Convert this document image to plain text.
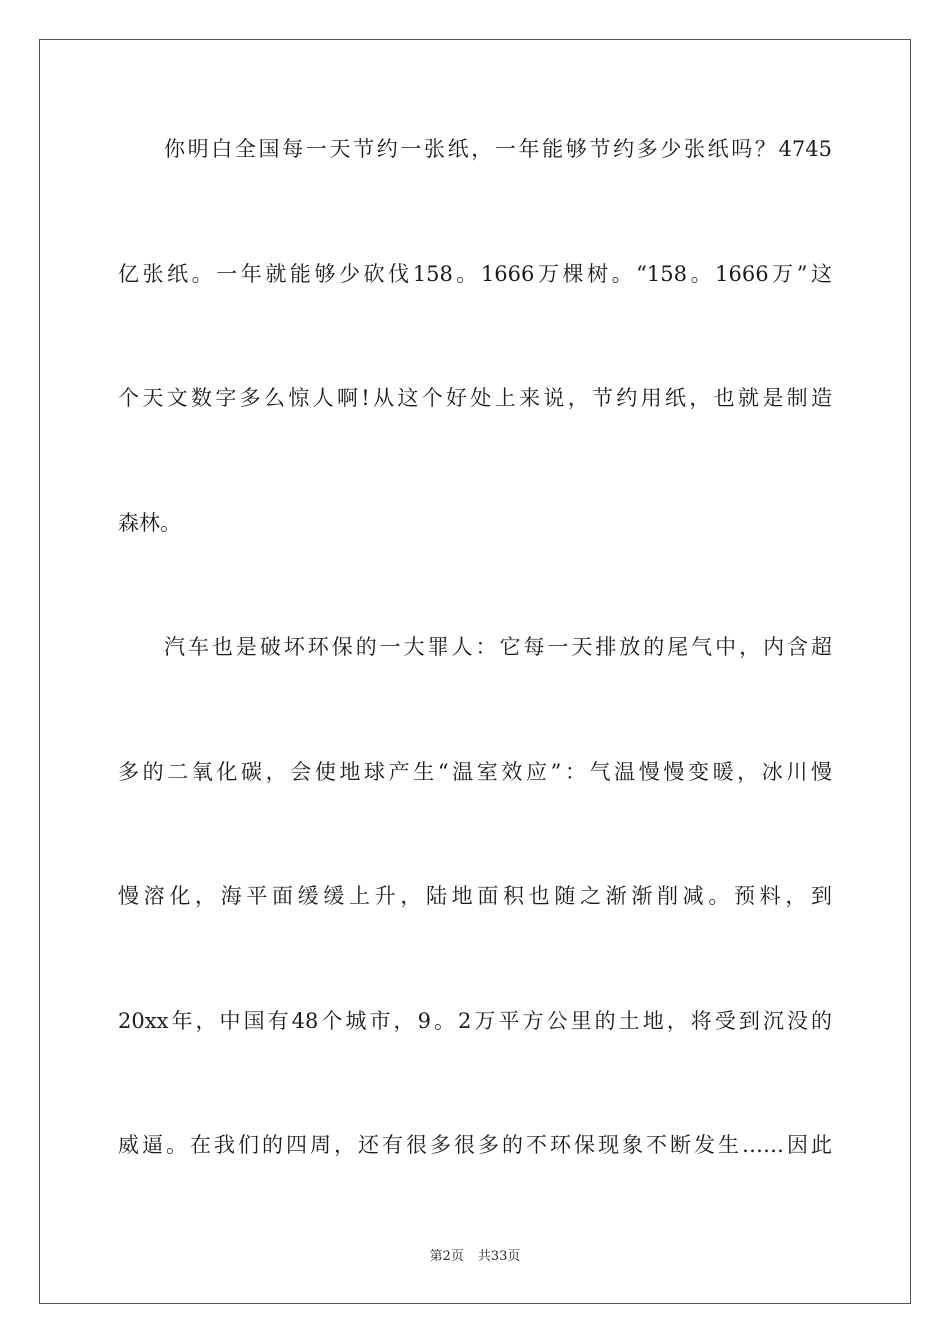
你明白全国每一天节约一张纸，一年能够节约多少张纸吗？4745
亿张纸。一年就能够少砍伐158。1666万棵树。“158。1666万”这
个天文数字多么惊人啊!从这个好处上来说，节约用纸，也就是制造
森林。
汽车也是破坏环保的一大罪人：它每一天排放的尾气中，内含超
多的二氧化碳，会使地球产生“温室效应”：气温慢慢变暖，冰川慢
慢溶化，海平面缓缓上升，陆地面积也随之渐渐削减。预料，到
20xx年，中国有48个城市，9。2万平方公里的土地，将受到沉没的
威逼。在我们的四周，还有很多很多的不环保现象不断发生……因此
第2页 共33页
